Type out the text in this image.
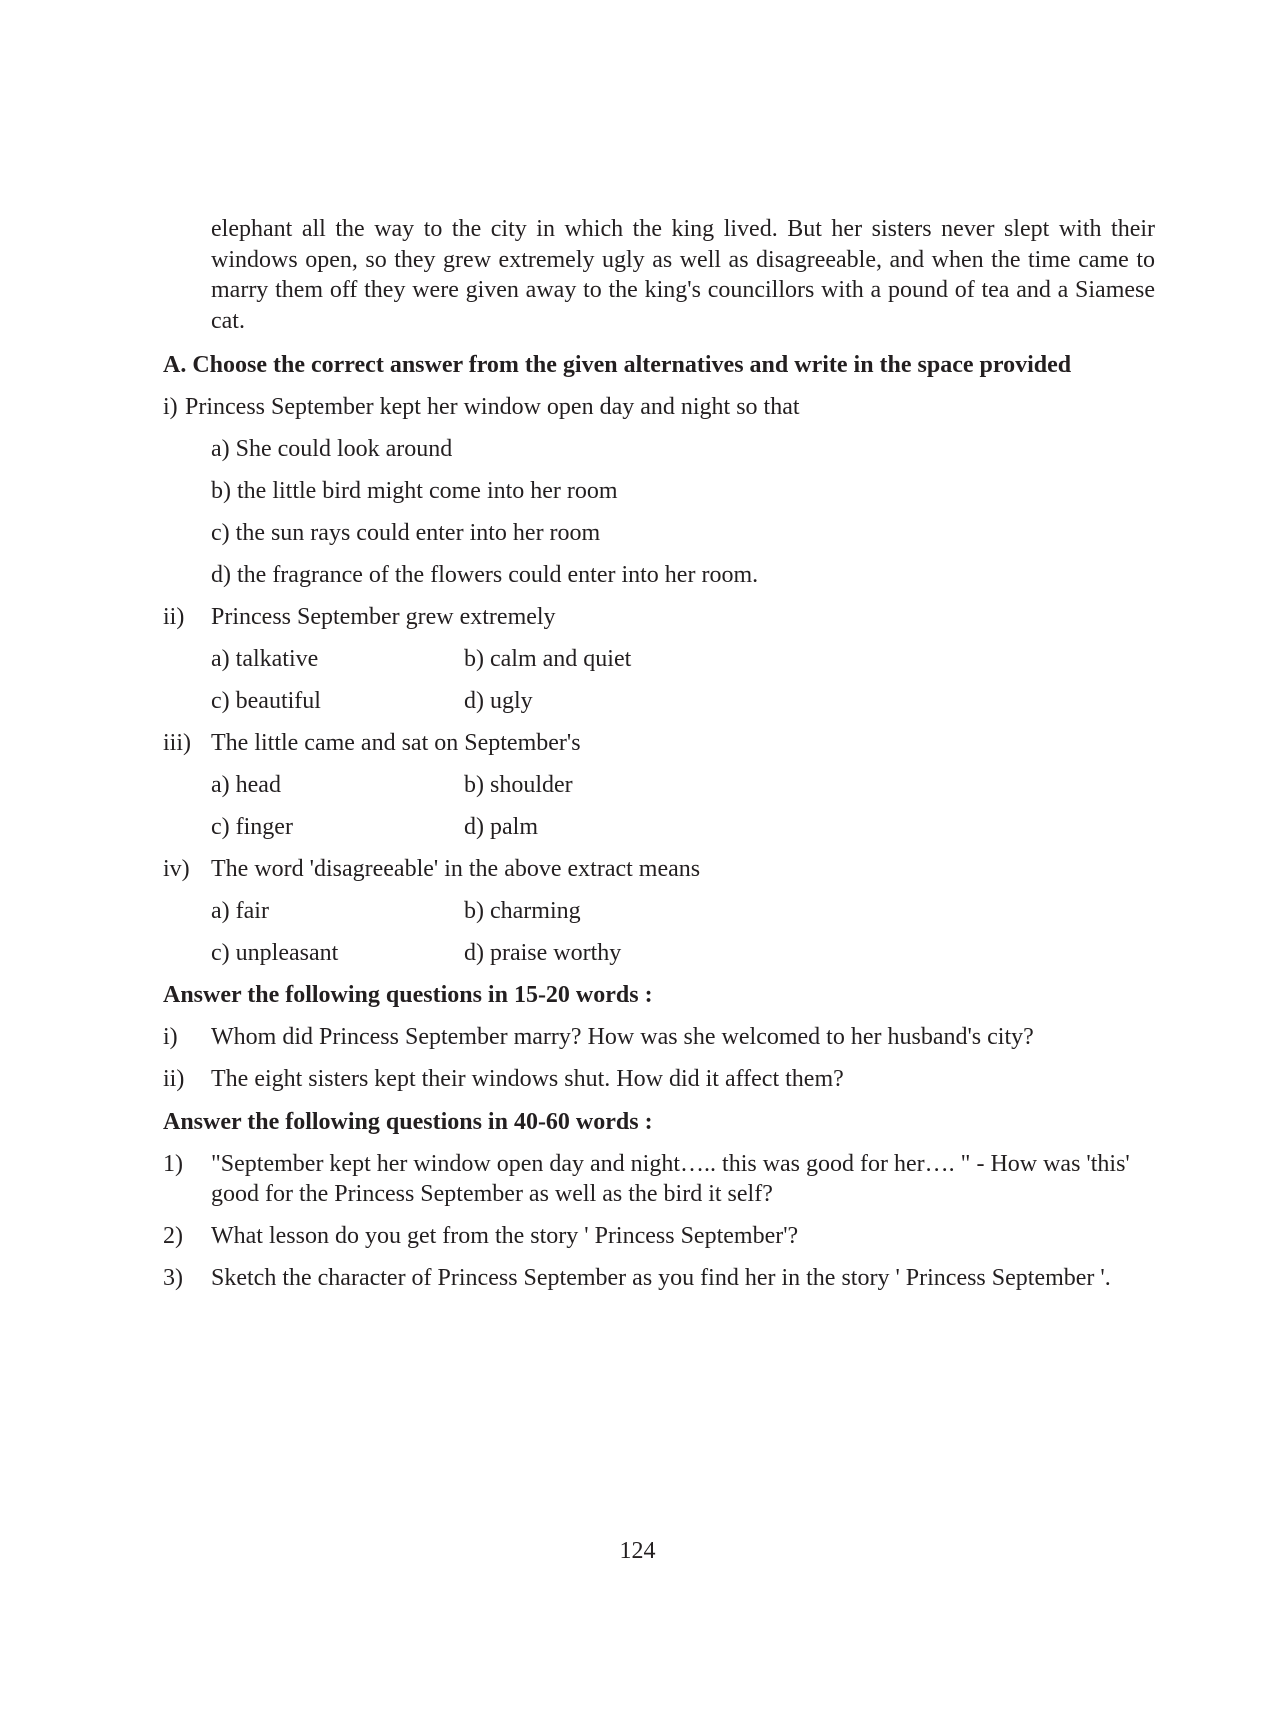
elephant all the way to the city in which the king lived. But her sisters never slept with their windows open, so they grew extremely ugly as well as disagreeable, and when the time came to marry them off they were given away to the king's councillors with a pound of tea and a Siamese cat.

A. Choose the correct answer from the given alternatives and write in the space provided
i) Princess September kept her window open day and night so that
a) She could look around
b) the little bird might come into her room
c) the sun rays could enter into her room
d) the fragrance of the flowers could enter into her room.
ii) Princess September grew extremely
a) talkative	b) calm and quiet
c) beautiful	d) ugly
iii) The little came and sat on September's
a) head	b) shoulder
c) finger	d) palm
iv) The word 'disagreeable' in the above extract means
a) fair	b) charming
c) unpleasant	d) praise worthy
Answer the following questions in 15-20 words :
i) Whom did Princess September marry? How was she welcomed to her husband's city?
ii) The eight sisters kept their windows shut. How did it affect them?
Answer the following questions in 40-60 words :
1) "September kept her window open day and night….. this was good for her…. " - How was 'this'
good for the Princess September as well as the bird it self?
2) What lesson do you get from the story ' Princess September'?
3) Sketch the character of Princess September as you find her in the story ' Princess September '.
124
